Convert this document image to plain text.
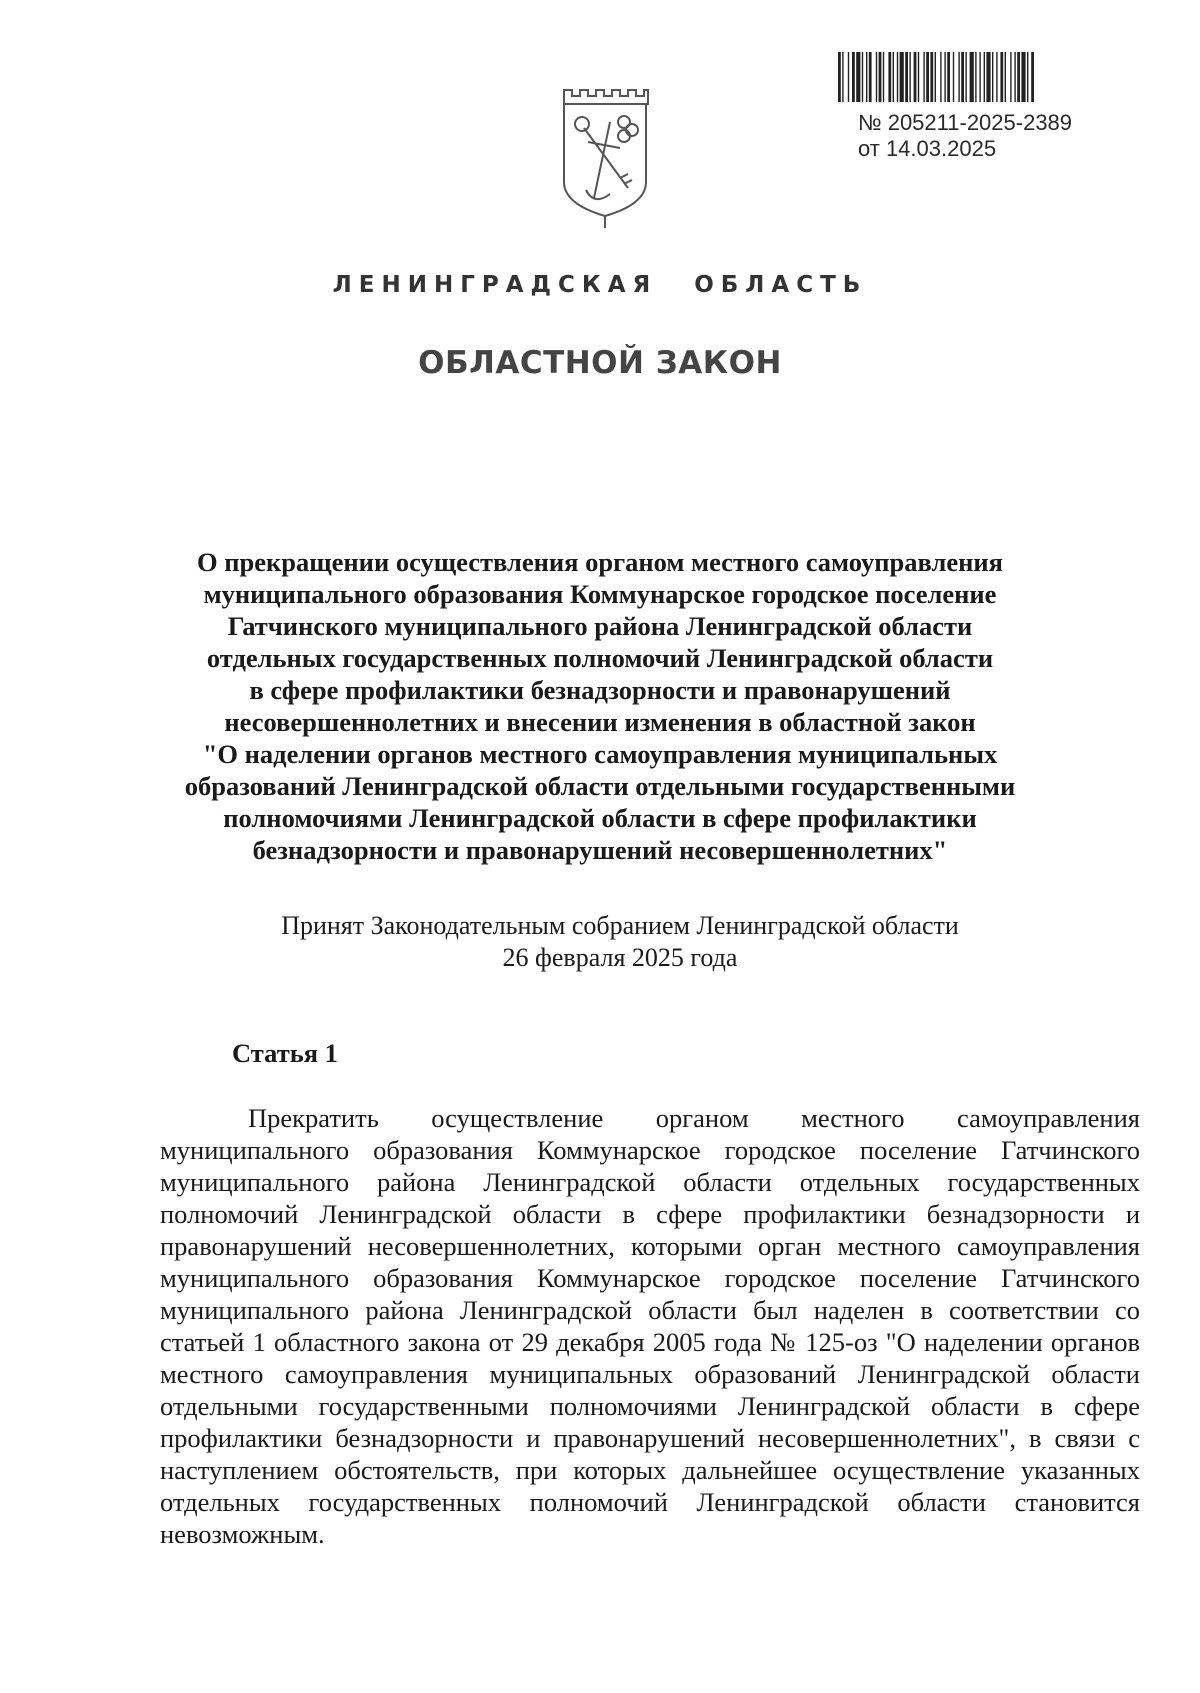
№ 205211-2025-2389
от 14.03.2025
ЛЕНИНГРАДСКАЯ ОБЛАСТЬ
ОБЛАСТНОЙ ЗАКОН
О прекращении осуществления органом местного самоуправления
муниципального образования Коммунарское городское поселение
Гатчинского муниципального района Ленинградской области
отдельных государственных полномочий Ленинградской области
в сфере профилактики безнадзорности и правонарушений
несовершеннолетних и внесении изменения в областной закон
"О наделении органов местного самоуправления муниципальных
образований Ленинградской области отдельными государственными
полномочиями Ленинградской области в сфере профилактики
безнадзорности и правонарушений несовершеннолетних"
Принят Законодательным собранием Ленинградской области
26 февраля 2025 года
Статья 1
Прекратить осуществление органом местного самоуправления муниципального образования Коммунарское городское поселение Гатчинского муниципального района Ленинградской области отдельных государственных полномочий Ленинградской области в сфере профилактики безнадзорности и правонарушений несовершеннолетних, которыми орган местного самоуправления муниципального образования Коммунарское городское поселение Гатчинского муниципального района Ленинградской области был наделен в соответствии со статьей 1 областного закона от 29 декабря 2005 года № 125-оз "О наделении органов местного самоуправления муниципальных образований Ленинградской области отдельными государственными полномочиями Ленинградской области в сфере профилактики безнадзорности и правонарушений несовершеннолетних", в связи с наступлением обстоятельств, при которых дальнейшее осуществление указанных отдельных государственных полномочий Ленинградской области становится невозможным.
